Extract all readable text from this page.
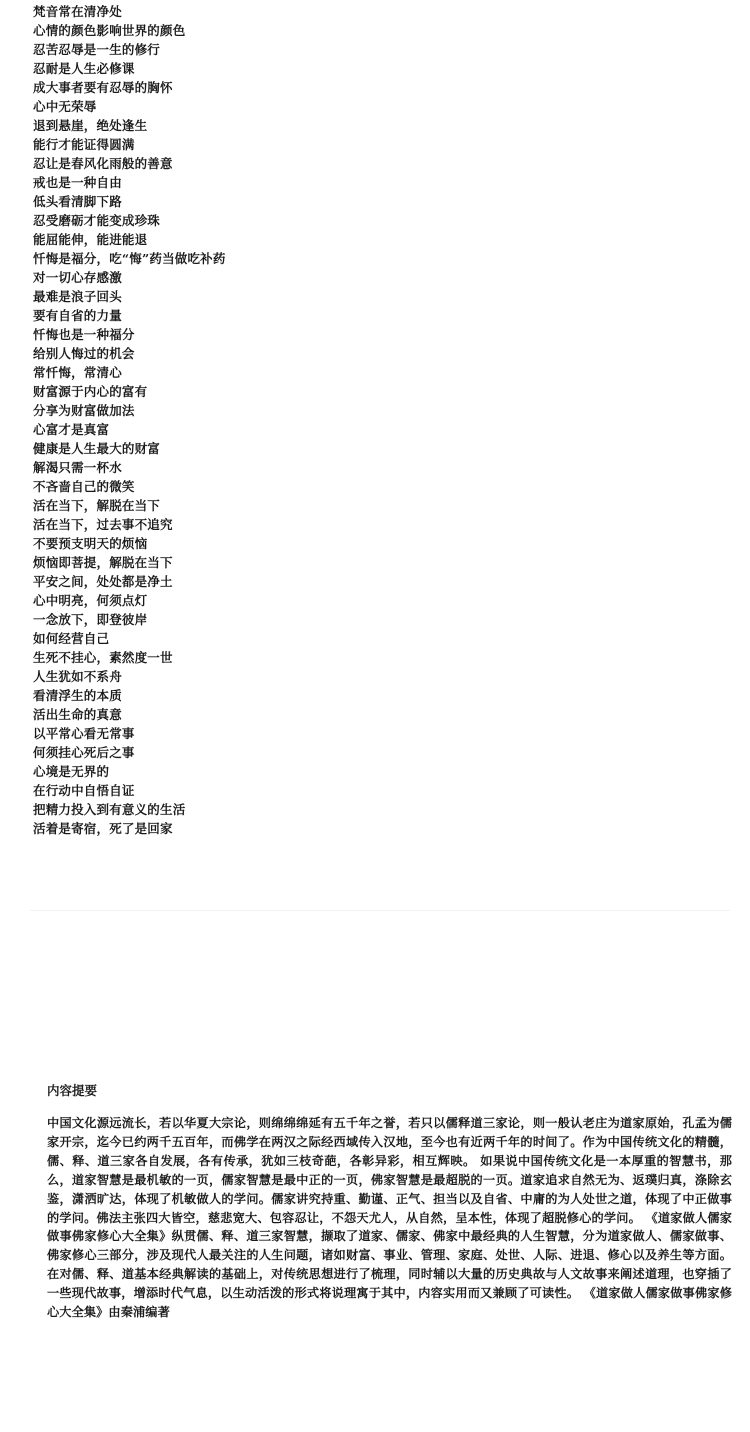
梵音常在清净处
心情的颜色影响世界的颜色
忍苦忍辱是一生的修行
忍耐是人生必修课
成大事者要有忍辱的胸怀
心中无荣辱
退到悬崖，绝处逢生
能行才能证得圆满
忍让是春风化雨般的善意
戒也是一种自由
低头看清脚下路
忍受磨砺才能变成珍珠
能屈能伸，能进能退
忏悔是福分，吃“悔”药当做吃补药
对一切心存感激
最难是浪子回头
要有自省的力量
忏悔也是一种福分
给别人悔过的机会
常忏悔，常清心
财富源于内心的富有
分享为财富做加法
心富才是真富
健康是人生最大的财富
解渴只需一杯水
不吝啬自己的微笑
活在当下，解脱在当下
活在当下，过去事不追究
不要预支明天的烦恼
烦恼即菩提，解脱在当下
平安之间，处处都是净土
心中明亮，何须点灯
一念放下，即登彼岸
如何经营自己
生死不挂心，素然度一世
人生犹如不系舟
看清浮生的本质
活出生命的真意
以平常心看无常事
何须挂心死后之事
心境是无界的
在行动中自悟自证
把精力投入到有意义的生活
活着是寄宿，死了是回家
内容提要

中国文化源远流长，若以华夏大宗论，则绵绵绵延有五千年之誉，若只以儒释道三家论，则一般认老庄为道家原始，孔孟为儒家开宗，迄今已约两千五百年，而佛学在两汉之际经西域传入汉地，至今也有近两千年的时间了。作为中国传统文化的精髓，儒、释、道三家各自发展，各有传承，犹如三枝奇葩，各彰异彩，相互辉映。 如果说中国传统文化是一本厚重的智慧书，那么，道家智慧是最机敏的一页，儒家智慧是最中正的一页，佛家智慧是最超脱的一页。道家追求自然无为、返璞归真，涤除玄鉴，潇洒旷达，体现了机敏做人的学问。儒家讲究持重、勤谨、正气、担当以及自省、中庸的为人处世之道，体现了中正做事的学问。佛法主张四大皆空，慈悲宽大、包容忍让，不怨天尤人，从自然，呈本性，体现了超脱修心的学问。 《道家做人儒家做事佛家修心大全集》纵贯儒、释、道三家智慧，撷取了道家、儒家、佛家中最经典的人生智慧，分为道家做人、儒家做事、佛家修心三部分，涉及现代人最关注的人生问题，诸如财富、事业、管理、家庭、处世、人际、进退、修心以及养生等方面。在对儒、释、道基本经典解读的基础上，对传统思想进行了梳理，同时辅以大量的历史典故与人文故事来阐述道理，也穿插了一些现代故事，增添时代气息，以生动活泼的形式将说理寓于其中，内容实用而又兼顾了可读性。 《道家做人儒家做事佛家修心大全集》由秦浦编著
